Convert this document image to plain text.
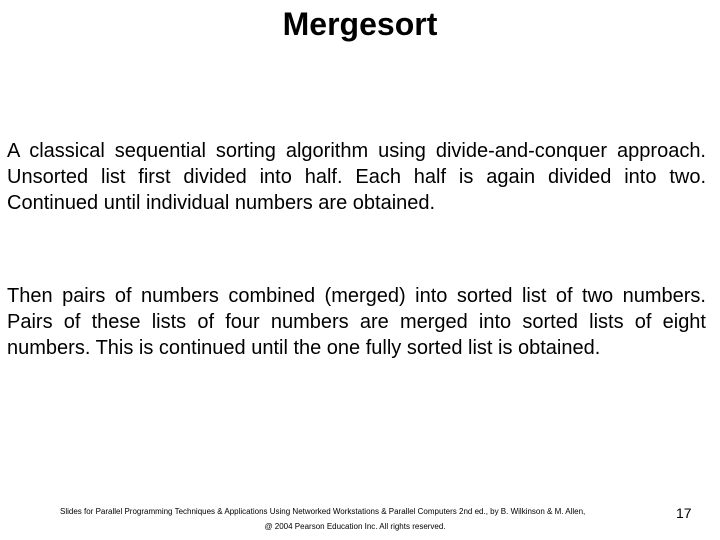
Mergesort
A classical sequential sorting algorithm using divide-and-conquer approach. Unsorted list first divided into half. Each half is again divided into two. Continued until individual numbers are obtained.
Then pairs of numbers combined (merged) into sorted list of two numbers. Pairs of these lists of four numbers are merged into sorted lists of eight numbers. This is continued until the one fully sorted list is obtained.
Slides for Parallel Programming Techniques & Applications Using Networked Workstations & Parallel Computers 2nd ed., by B. Wilkinson & M. Allen,
@ 2004 Pearson Education Inc. All rights reserved.
17
